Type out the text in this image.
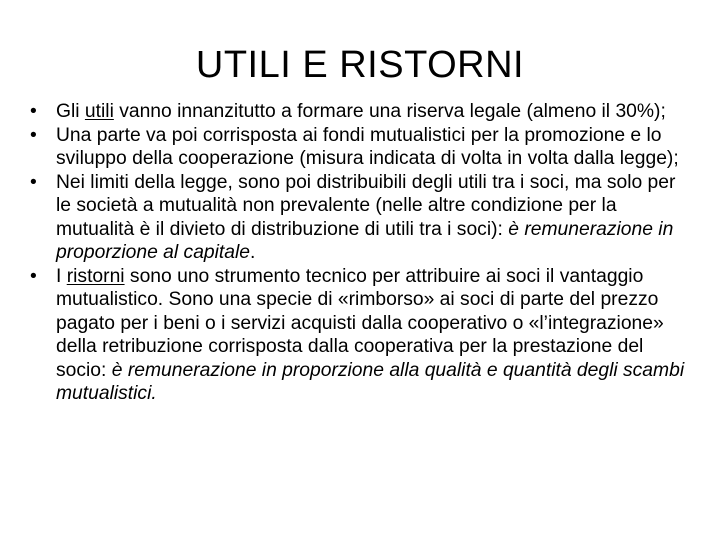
UTILI E RISTORNI
• Gli utili vanno innanzitutto a formare una riserva legale (almeno il 30%);
• Una parte va poi corrisposta ai fondi mutualistici per la promozione e lo sviluppo della cooperazione (misura indicata di volta in volta dalla legge);
• Nei limiti della legge, sono poi distribuibili degli utili tra i soci, ma solo per le società a mutualità non prevalente (nelle altre condizione per la mutualità è il divieto di distribuzione di utili tra i soci): è remunerazione in proporzione al capitale.
• I ristorni sono uno strumento tecnico per attribuire ai soci il vantaggio mutualistico. Sono una specie di «rimborso» ai soci di parte del prezzo pagato per i beni o i servizi acquisti dalla cooperativo o «l’integrazione» della retribuzione corrisposta dalla cooperativa per la prestazione del socio: è remunerazione in proporzione alla qualità e quantità degli scambi mutualistici.
